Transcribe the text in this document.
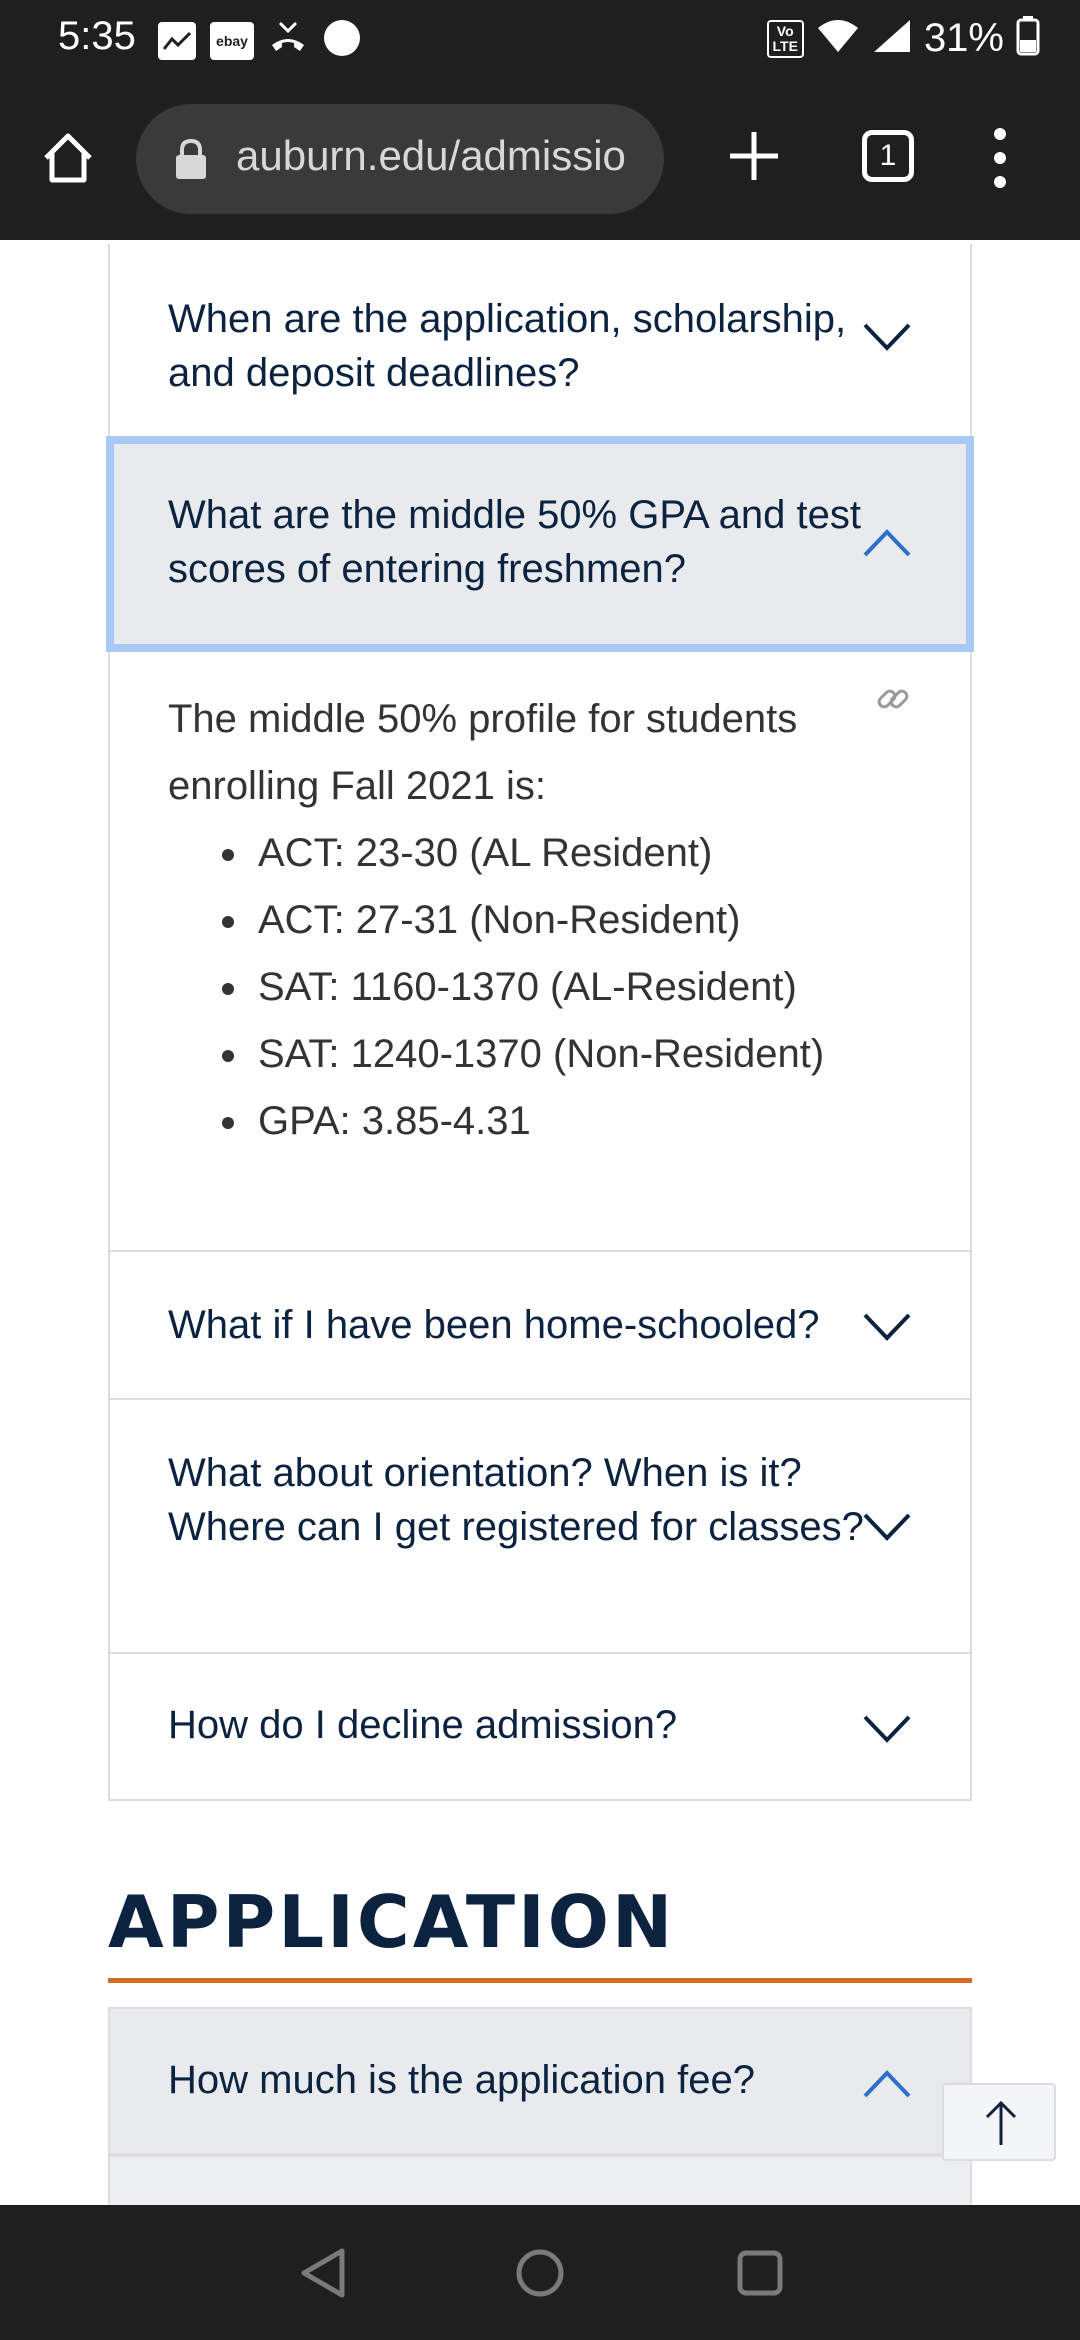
5:35	ebay
Vo
LTE	31%
auburn.edu/admissio	1
When are the application, scholarship, and deposit deadlines?
What are the middle 50% GPA and test scores of entering freshmen?
The middle 50% profile for students enrolling Fall 2021 is:
ACT: 23-30 (AL Resident)
ACT: 27-31 (Non-Resident)
SAT: 1160-1370 (AL-Resident)
SAT: 1240-1370 (Non-Resident)
GPA: 3.85-4.31
What if I have been home-schooled?
What about orientation? When is it? Where can I get registered for classes?
How do I decline admission?
APPLICATION
How much is the application fee?
